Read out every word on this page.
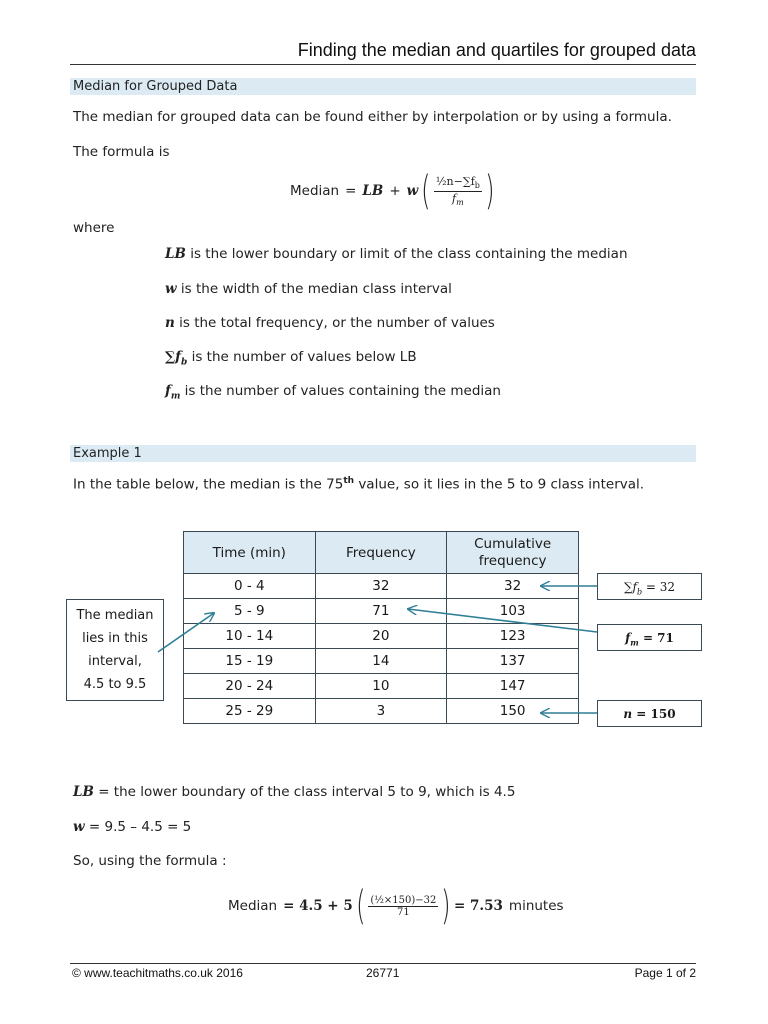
Finding the median and quartiles for grouped data
Median for Grouped Data
The median for grouped data can be found either by interpolation or by using a formula.
The formula is
Median = LB + w ( $\frac{\frac{1}{2}n-\sum f_b}{f_m}$ )
where
LB is the lower boundary or limit of the class containing the median
w is the width of the median class interval
n is the total frequency, or the number of values
$\sum f_b$ is the number of values below LB
$f_m$ is the number of values containing the median
Example 1
In the table below, the median is the 75th value, so it lies in the 5 to 9 class interval.
Time (min)	Frequency	Cumulative frequency
0 - 4	32	32
5 - 9	71	103
10 - 14	20	123
15 - 19	14	137
20 - 24	10	147
25 - 29	3	150
The median
lies in this
interval,
4.5 to 9.5
$\sum f_b = 32$
$f_m = 71$
n = 150
LB = the lower boundary of the class interval 5 to 9, which is 4.5
w = 9.5 – 4.5 = 5
So, using the formula :
Median = 4.5 + 5 ( $\frac{\text{(½×150)−32}}{71}$ ) = 7.53 minutes
© www.teachitmaths.co.uk 2016	26771	Page 1 of 2
